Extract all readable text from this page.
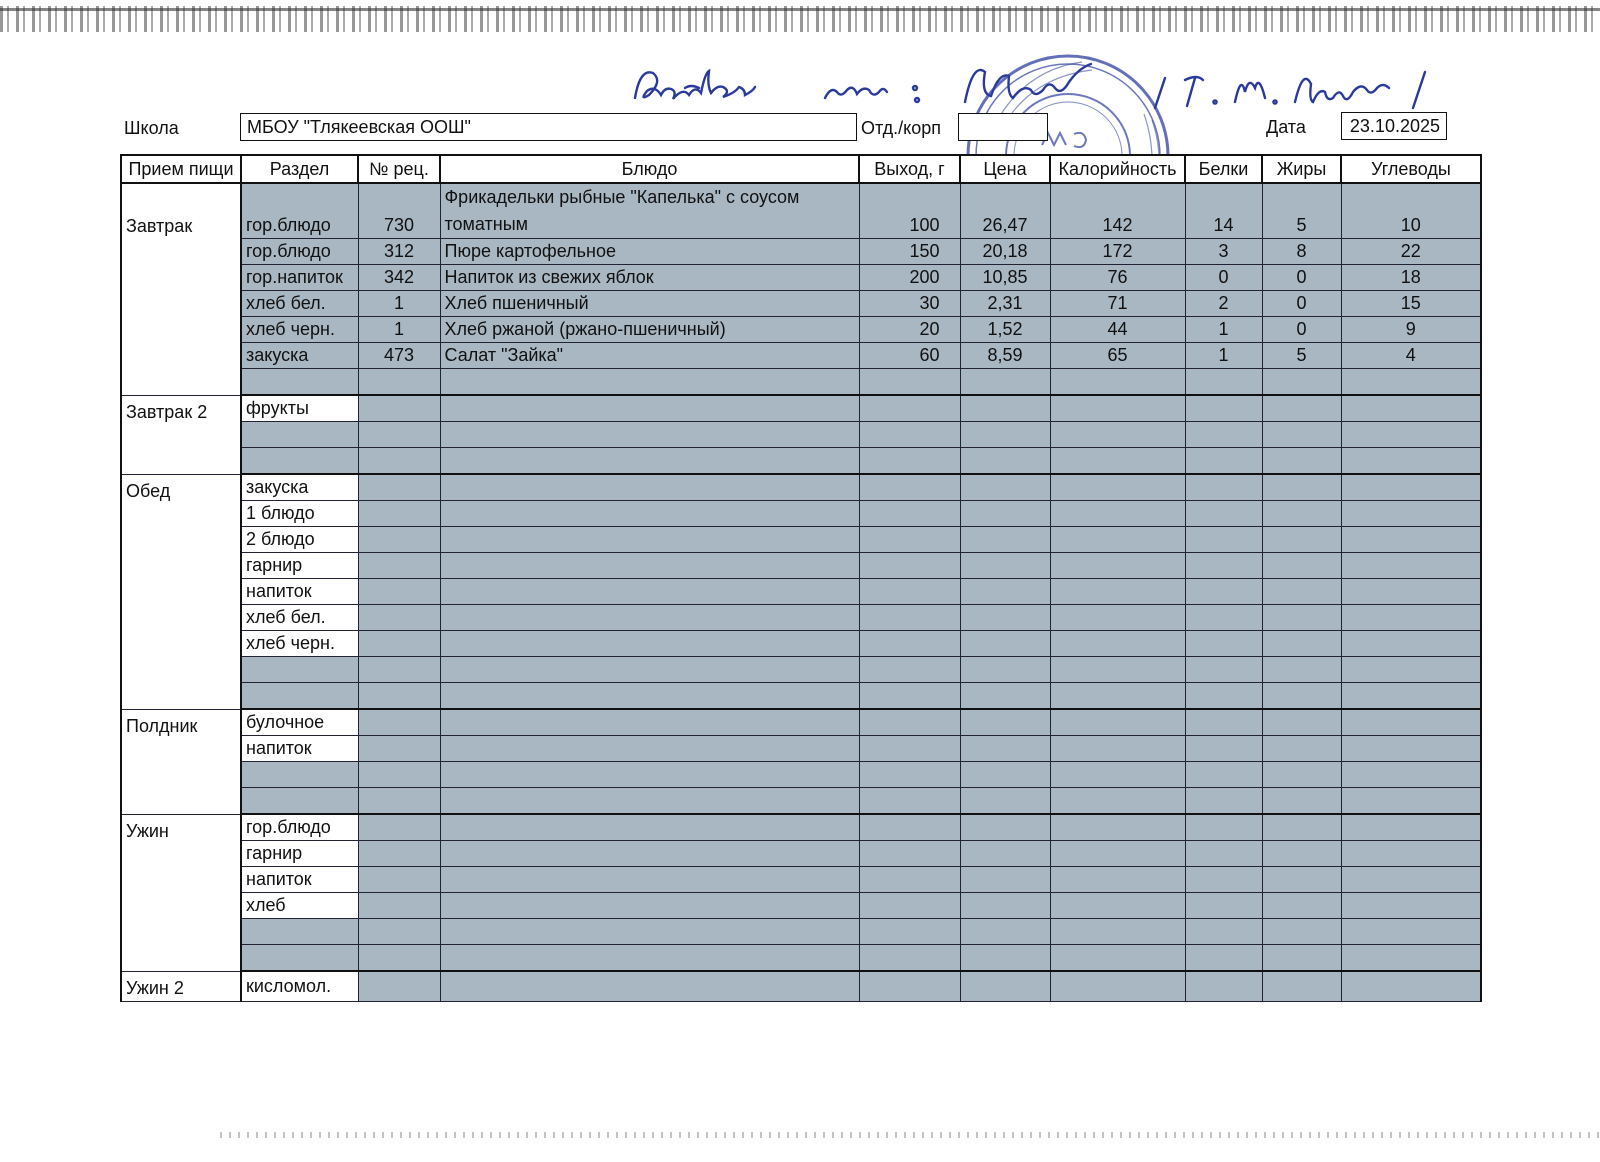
Школа	МБОУ "Тлякеевская ООШ"	Отд./корп	Дата	23.10.2025
Прием пищи	Раздел	№ рец.	Блюдо	Выход, г	Цена	Калорийность	Белки	Жиры	Углеводы
Завтрак	гор.блюдо	730	Фрикадельки рыбные "Капелька" с соусом томатным	100	26,47	142	14	5	10
	гор.блюдо	312	Пюре картофельное	150	20,18	172	3	8	22
	гор.напиток	342	Напиток из свежих яблок	200	10,85	76	0	0	18
	хлеб бел.	1	Хлеб пшеничный	30	2,31	71	2	0	15
	хлеб черн.	1	Хлеб ржаной (ржано-пшеничный)	20	1,52	44	1	0	9
	закуска	473	Салат "Зайка"	60	8,59	65	1	5	4

Завтрак 2	фрукты								

Обед	закуска								
	1 блюдо								
	2 блюдо								
	гарнир								
	напиток								
	хлеб бел.								
	хлеб черн.								

Полдник	булочное								
	напиток								

Ужин	гор.блюдо								
	гарнир								
	напиток								
	хлеб								

Ужин 2	кисломол.								
